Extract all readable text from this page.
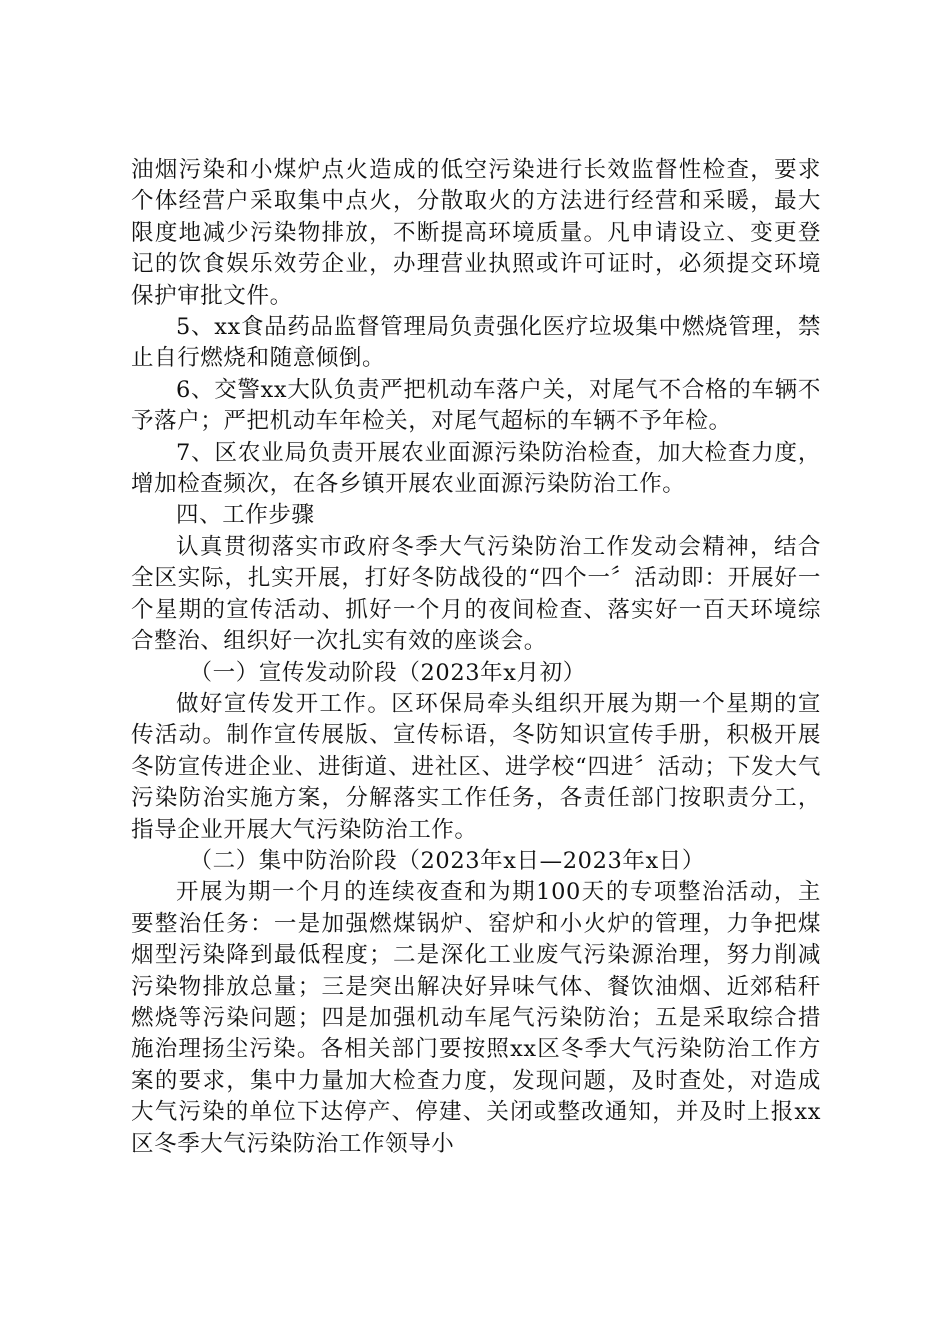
油烟污染和小煤炉点火造成的低空污染进行长效监督性检查，要求个体经营户采取集中点火，分散取火的方法进行经营和采暖，最大限度地减少污染物排放，不断提高环境质量。凡申请设立、变更登记的饮食娱乐效劳企业，办理营业执照或许可证时，必须提交环境保护审批文件。

5、xx食品药品监督管理局负责强化医疗垃圾集中燃烧管理，禁止自行燃烧和随意倾倒。

6、交警xx大队负责严把机动车落户关，对尾气不合格的车辆不予落户；严把机动车年检关，对尾气超标的车辆不予年检。

7、区农业局负责开展农业面源污染防治检查，加大检查力度，增加检查频次，在各乡镇开展农业面源污染防治工作。

四、工作步骤

认真贯彻落实市政府冬季大气污染防治工作发动会精神，结合全区实际，扎实开展，打好冬防战役的“四个一〞活动即：开展好一个星期的宣传活动、抓好一个月的夜间检查、落实好一百天环境综合整治、组织好一次扎实有效的座谈会。

（一）宣传发动阶段（2023年x月初）

做好宣传发开工作。区环保局牵头组织开展为期一个星期的宣传活动。制作宣传展版、宣传标语，冬防知识宣传手册，积极开展冬防宣传进企业、进街道、进社区、进学校“四进〞活动；下发大气污染防治实施方案，分解落实工作任务，各责任部门按职责分工，指导企业开展大气污染防治工作。

（二）集中防治阶段（2023年x日—2023年x日）

开展为期一个月的连续夜查和为期100天的专项整治活动，主要整治任务：一是加强燃煤锅炉、窑炉和小火炉的管理，力争把煤烟型污染降到最低程度；二是深化工业废气污染源治理，努力削减污染物排放总量；三是突出解决好异味气体、餐饮油烟、近郊秸秆燃烧等污染问题；四是加强机动车尾气污染防治；五是采取综合措施治理扬尘污染。各相关部门要按照xx区冬季大气污染防治工作方案的要求，集中力量加大检查力度，发现问题，及时查处，对造成大气污染的单位下达停产、停建、关闭或整改通知，并及时上报xx区冬季大气污染防治工作领导小
